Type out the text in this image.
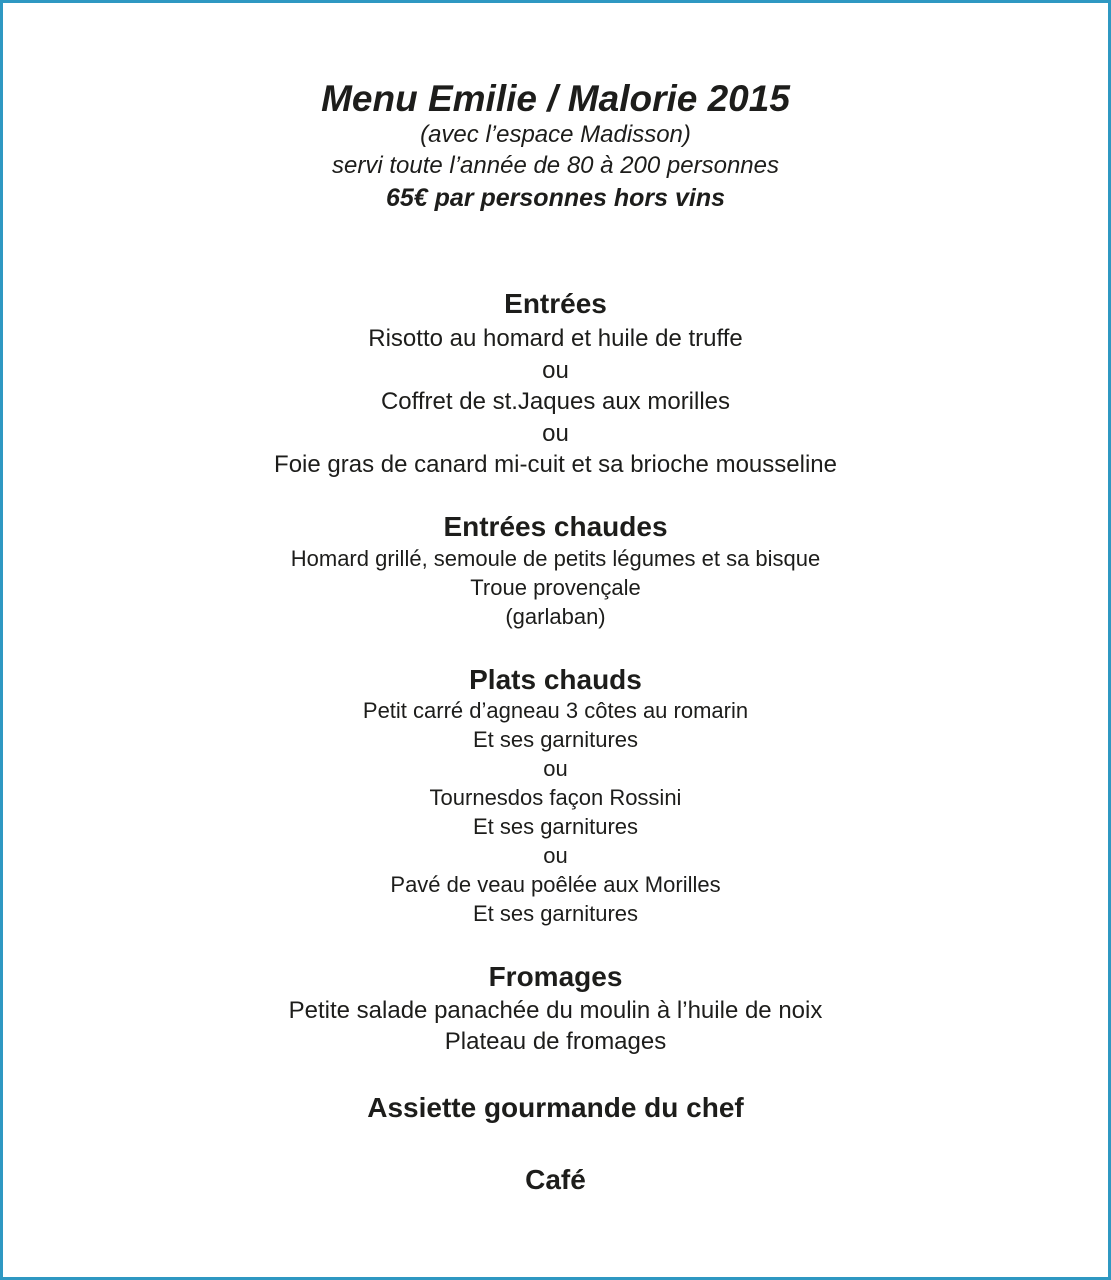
Menu Emilie / Malorie 2015
(avec l’espace Madisson)
servi toute l’année de 80 à 200 personnes
65€ par personnes hors vins
Entrées
Risotto au homard et huile de truffe
ou
Coffret de st.Jaques aux morilles
ou
Foie gras de canard mi-cuit et sa brioche mousseline
Entrées chaudes
Homard grillé, semoule de petits légumes et sa bisque
Troue provençale
(garlaban)
Plats chauds
Petit carré d’agneau 3 côtes au romarin
Et ses garnitures
ou
Tournesdos façon Rossini
Et ses garnitures
ou
Pavé de veau poêlée aux Morilles
Et ses garnitures
Fromages
Petite salade panachée du moulin à l’huile de noix
Plateau de fromages
Assiette gourmande du chef
Café
